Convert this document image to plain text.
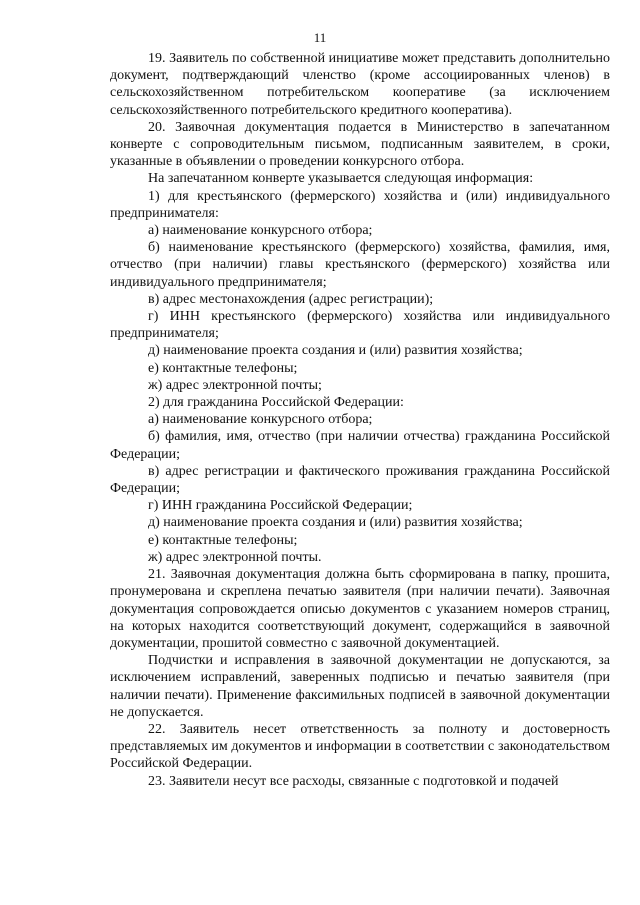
11

19. Заявитель по собственной инициативе может представить дополнительно документ, подтверждающий членство (кроме ассоциированных членов) в сельскохозяйственном потребительском кооперативе (за исключением сельскохозяйственного потребительского кредитного кооператива).

20. Заявочная документация подается в Министерство в запечатанном конверте с сопроводительным письмом, подписанным заявителем, в сроки, указанные в объявлении о проведении конкурсного отбора.

На запечатанном конверте указывается следующая информация:

1) для крестьянского (фермерского) хозяйства и (или) индивидуального предпринимателя:

а) наименование конкурсного отбора;

б) наименование крестьянского (фермерского) хозяйства, фамилия, имя, отчество (при наличии) главы крестьянского (фермерского) хозяйства или индивидуального предпринимателя;

в) адрес местонахождения (адрес регистрации);

г) ИНН крестьянского (фермерского) хозяйства или индивидуального предпринимателя;

д) наименование проекта создания и (или) развития хозяйства;

е) контактные телефоны;

ж) адрес электронной почты;

2) для гражданина Российской Федерации:

а) наименование конкурсного отбора;

б) фамилия, имя, отчество (при наличии отчества) гражданина Российской Федерации;

в) адрес регистрации и фактического проживания гражданина Российской Федерации;

г) ИНН гражданина Российской Федерации;

д) наименование проекта создания и (или) развития хозяйства;

е) контактные телефоны;

ж) адрес электронной почты.

21. Заявочная документация должна быть сформирована в папку, прошита, пронумерована и скреплена печатью заявителя (при наличии печати). Заявочная документация сопровождается описью документов с указанием номеров страниц, на которых находится соответствующий документ, содержащийся в заявочной документации, прошитой совместно с заявочной документацией.

Подчистки и исправления в заявочной документации не допускаются, за исключением исправлений, заверенных подписью и печатью заявителя (при наличии печати). Применение факсимильных подписей в заявочной документации не допускается.

22. Заявитель несет ответственность за полноту и достоверность представляемых им документов и информации в соответствии с законодательством Российской Федерации.

23. Заявители несут все расходы, связанные с подготовкой и подачей
